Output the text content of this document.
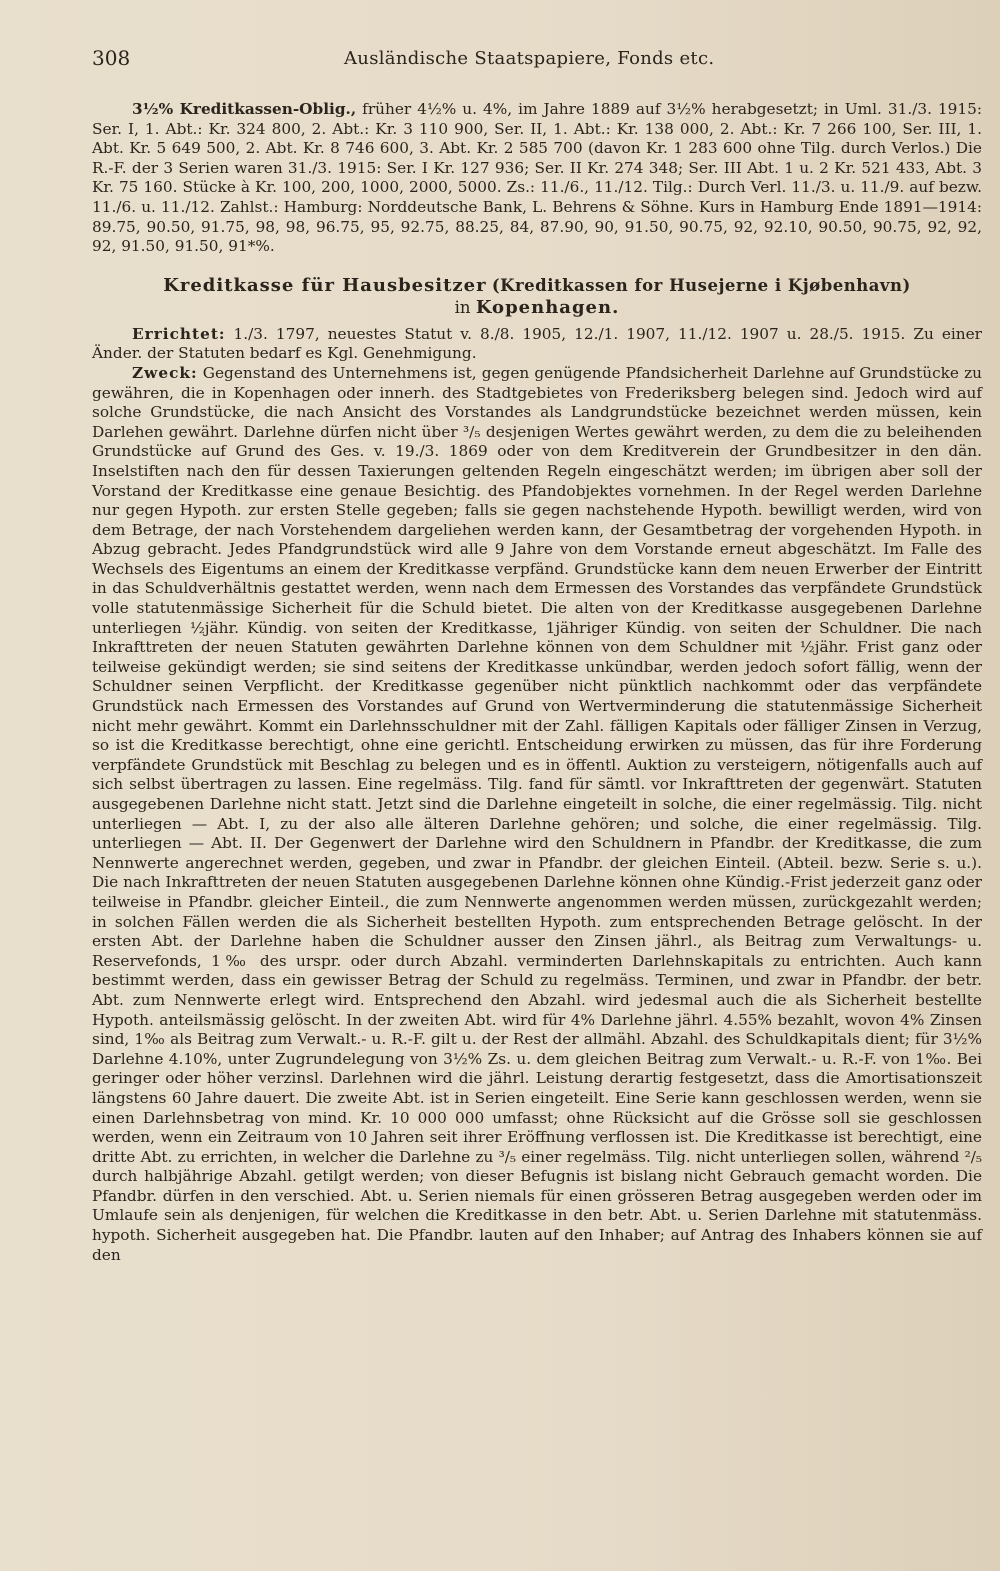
308	Ausländische Staatspapiere, Fonds etc.

3½% Kreditkassen-Oblig., früher 4½% u. 4%, im Jahre 1889 auf 3½% herabgesetzt; in Uml. 31./3. 1915: Ser. I, 1. Abt.: Kr. 324 800, 2. Abt.: Kr. 3 110 900, Ser. II, 1. Abt.: Kr. 138 000, 2. Abt.: Kr. 7 266 100, Ser. III, 1. Abt. Kr. 5 649 500, 2. Abt. Kr. 8 746 600, 3. Abt. Kr. 2 585 700 (davon Kr. 1 283 600 ohne Tilg. durch Verlos.) Die R.-F. der 3 Serien waren 31./3. 1915: Ser. I Kr. 127 936; Ser. II Kr. 274 348; Ser. III Abt. 1 u. 2 Kr. 521 433, Abt. 3 Kr. 75 160. Stücke à Kr. 100, 200, 1000, 2000, 5000. Zs.: 11./6., 11./12. Tilg.: Durch Verl. 11./3. u. 11./9. auf bezw. 11./6. u. 11./12. Zahlst.: Hamburg: Norddeutsche Bank, L. Behrens & Söhne. Kurs in Hamburg Ende 1891—1914: 89.75, 90.50, 91.75, 98, 98, 96.75, 95, 92.75, 88.25, 84, 87.90, 90, 91.50, 90.75, 92, 92.10, 90.50, 90.75, 92, 92, 92, 91.50, 91.50, 91*%.

Kreditkasse für Hausbesitzer (Kreditkassen for Husejerne i Kjøbenhavn)
in Kopenhagen.

Errichtet: 1./3. 1797, neuestes Statut v. 8./8. 1905, 12./1. 1907, 11./12. 1907 u. 28./5. 1915. Zu einer Änder. der Statuten bedarf es Kgl. Genehmigung.

Zweck: Gegenstand des Unternehmens ist, gegen genügende Pfandsicherheit Darlehne auf Grundstücke zu gewähren, die in Kopenhagen oder innerh. des Stadtgebietes von Frederiksberg belegen sind. Jedoch wird auf solche Grundstücke, die nach Ansicht des Vorstandes als Landgrundstücke bezeichnet werden müssen, kein Darlehen gewährt. Darlehne dürfen nicht über ³/₅ desjenigen Wertes gewährt werden, zu dem die zu beleihenden Grundstücke auf Grund des Ges. v. 19./3. 1869 oder von dem Kreditverein der Grundbesitzer in den dän. Inselstiften nach den für dessen Taxierungen geltenden Regeln eingeschätzt werden; im übrigen aber soll der Vorstand der Kreditkasse eine genaue Besichtig. des Pfandobjektes vornehmen. In der Regel werden Darlehne nur gegen Hypoth. zur ersten Stelle gegeben; falls sie gegen nachstehende Hypoth. bewilligt werden, wird von dem Betrage, der nach Vorstehendem dargeliehen werden kann, der Gesamtbetrag der vorgehenden Hypoth. in Abzug gebracht. Jedes Pfandgrundstück wird alle 9 Jahre von dem Vorstande erneut abgeschätzt. Im Falle des Wechsels des Eigentums an einem der Kreditkasse verpfänd. Grundstücke kann dem neuen Erwerber der Eintritt in das Schuldverhältnis gestattet werden, wenn nach dem Ermessen des Vorstandes das verpfändete Grundstück volle statutenmässige Sicherheit für die Schuld bietet. Die alten von der Kreditkasse ausgegebenen Darlehne unterliegen ½jähr. Kündig. von seiten der Kreditkasse, 1jähriger Kündig. von seiten der Schuldner. Die nach Inkrafttreten der neuen Statuten gewährten Darlehne können von dem Schuldner mit ½jähr. Frist ganz oder teilweise gekündigt werden; sie sind seitens der Kreditkasse unkündbar, werden jedoch sofort fällig, wenn der Schuldner seinen Verpflicht. der Kreditkasse gegenüber nicht pünktlich nachkommt oder das verpfändete Grundstück nach Ermessen des Vorstandes auf Grund von Wertverminderung die statutenmässige Sicherheit nicht mehr gewährt. Kommt ein Darlehnsschuldner mit der Zahl. fälligen Kapitals oder fälliger Zinsen in Verzug, so ist die Kreditkasse berechtigt, ohne eine gerichtl. Entscheidung erwirken zu müssen, das für ihre Forderung verpfändete Grundstück mit Beschlag zu belegen und es in öffentl. Auktion zu versteigern, nötigenfalls auch auf sich selbst übertragen zu lassen. Eine regelmäss. Tilg. fand für sämtl. vor Inkrafttreten der gegenwärt. Statuten ausgegebenen Darlehne nicht statt. Jetzt sind die Darlehne eingeteilt in solche, die einer regelmässig. Tilg. nicht unterliegen — Abt. I, zu der also alle älteren Darlehne gehören; und solche, die einer regelmässig. Tilg. unterliegen — Abt. II. Der Gegenwert der Darlehne wird den Schuldnern in Pfandbr. der Kreditkasse, die zum Nennwerte angerechnet werden, gegeben, und zwar in Pfandbr. der gleichen Einteil. (Abteil. bezw. Serie s. u.). Die nach Inkrafttreten der neuen Statuten ausgegebenen Darlehne können ohne Kündig.-Frist jederzeit ganz oder teilweise in Pfandbr. gleicher Einteil., die zum Nennwerte angenommen werden müssen, zurückgezahlt werden; in solchen Fällen werden die als Sicherheit bestellten Hypoth. zum entsprechenden Betrage gelöscht. In der ersten Abt. der Darlehne haben die Schuldner ausser den Zinsen jährl., als Beitrag zum Verwaltungs- u. Reservefonds, 1‰ des urspr. oder durch Abzahl. verminderten Darlehnskapitals zu entrichten. Auch kann bestimmt werden, dass ein gewisser Betrag der Schuld zu regelmäss. Terminen, und zwar in Pfandbr. der betr. Abt. zum Nennwerte erlegt wird. Entsprechend den Abzahl. wird jedesmal auch die als Sicherheit bestellte Hypoth. anteilsmässig gelöscht. In der zweiten Abt. wird für 4% Darlehne jährl. 4.55% bezahlt, wovon 4% Zinsen sind, 1‰ als Beitrag zum Verwalt.- u. R.-F. gilt u. der Rest der allmähl. Abzahl. des Schuldkapitals dient; für 3½% Darlehne 4.10%, unter Zugrundelegung von 3½% Zs. u. dem gleichen Beitrag zum Verwalt.- u. R.-F. von 1‰. Bei geringer oder höher verzinsl. Darlehnen wird die jährl. Leistung derartig festgesetzt, dass die Amortisationszeit längstens 60 Jahre dauert. Die zweite Abt. ist in Serien eingeteilt. Eine Serie kann geschlossen werden, wenn sie einen Darlehnsbetrag von mind. Kr. 10 000 000 umfasst; ohne Rücksicht auf die Grösse soll sie geschlossen werden, wenn ein Zeitraum von 10 Jahren seit ihrer Eröffnung verflossen ist. Die Kreditkasse ist berechtigt, eine dritte Abt. zu errichten, in welcher die Darlehne zu ³/₅ einer regelmäss. Tilg. nicht unterliegen sollen, während ²/₅ durch halbjährige Abzahl. getilgt werden; von dieser Befugnis ist bislang nicht Gebrauch gemacht worden. Die Pfandbr. dürfen in den verschied. Abt. u. Serien niemals für einen grösseren Betrag ausgegeben werden oder im Umlaufe sein als denjenigen, für welchen die Kreditkasse in den betr. Abt. u. Serien Darlehne mit statutenmäss. hypoth. Sicherheit ausgegeben hat. Die Pfandbr. lauten auf den Inhaber; auf Antrag des Inhabers können sie auf den
